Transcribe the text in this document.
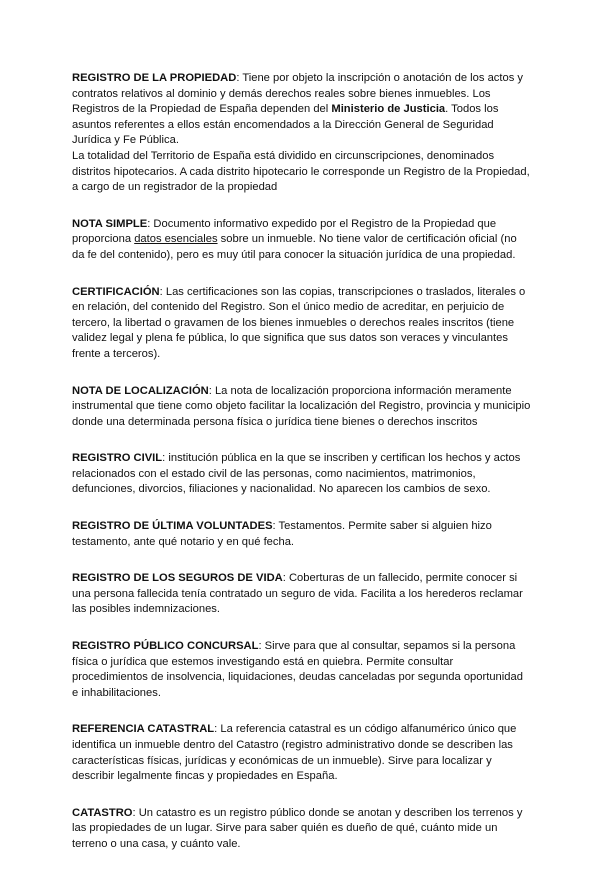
REGISTRO DE LA PROPIEDAD: Tiene por objeto la inscripción o anotación de los actos y contratos relativos al dominio y demás derechos reales sobre bienes inmuebles. Los Registros de la Propiedad de España dependen del Ministerio de Justicia. Todos los asuntos referentes a ellos están encomendados a la Dirección General de Seguridad Jurídica y Fe Pública.

La totalidad del Territorio de España está dividido en circunscripciones, denominados distritos hipotecarios. A cada distrito hipotecario le corresponde un Registro de la Propiedad, a cargo de un registrador de la propiedad

NOTA SIMPLE: Documento informativo expedido por el Registro de la Propiedad que proporciona datos esenciales sobre un inmueble. No tiene valor de certificación oficial (no da fe del contenido), pero es muy útil para conocer la situación jurídica de una propiedad.

CERTIFICACIÓN: Las certificaciones son las copias, transcripciones o traslados, literales o en relación, del contenido del Registro. Son el único medio de acreditar, en perjuicio de tercero, la libertad o gravamen de los bienes inmuebles o derechos reales inscritos (tiene validez legal y plena fe pública, lo que significa que sus datos son veraces y vinculantes frente a terceros).

NOTA DE LOCALIZACIÓN: La nota de localización proporciona información meramente instrumental que tiene como objeto facilitar la localización del Registro, provincia y municipio donde una determinada persona física o jurídica tiene bienes o derechos inscritos

REGISTRO CIVIL: institución pública en la que se inscriben y certifican los hechos y actos relacionados con el estado civil de las personas, como nacimientos, matrimonios, defunciones, divorcios, filiaciones y nacionalidad. No aparecen los cambios de sexo.

REGISTRO DE ÚLTIMA VOLUNTADES: Testamentos. Permite saber si alguien hizo testamento, ante qué notario y en qué fecha.

REGISTRO DE LOS SEGUROS DE VIDA: Coberturas de un fallecido, permite conocer si una persona fallecida tenía contratado un seguro de vida. Facilita a los herederos reclamar las posibles indemnizaciones.

REGISTRO PÚBLICO CONCURSAL: Sirve para que al consultar, sepamos si la persona física o jurídica que estemos investigando está en quiebra. Permite consultar procedimientos de insolvencia, liquidaciones, deudas canceladas por segunda oportunidad e inhabilitaciones.

REFERENCIA CATASTRAL: La referencia catastral es un código alfanumérico único que identifica un inmueble dentro del Catastro (registro administrativo donde se describen las características físicas, jurídicas y económicas de un inmueble). Sirve para localizar y describir legalmente fincas y propiedades en España.

CATASTRO: Un catastro es un registro público donde se anotan y describen los terrenos y las propiedades de un lugar. Sirve para saber quién es dueño de qué, cuánto mide un terreno o una casa, y cuánto vale.
